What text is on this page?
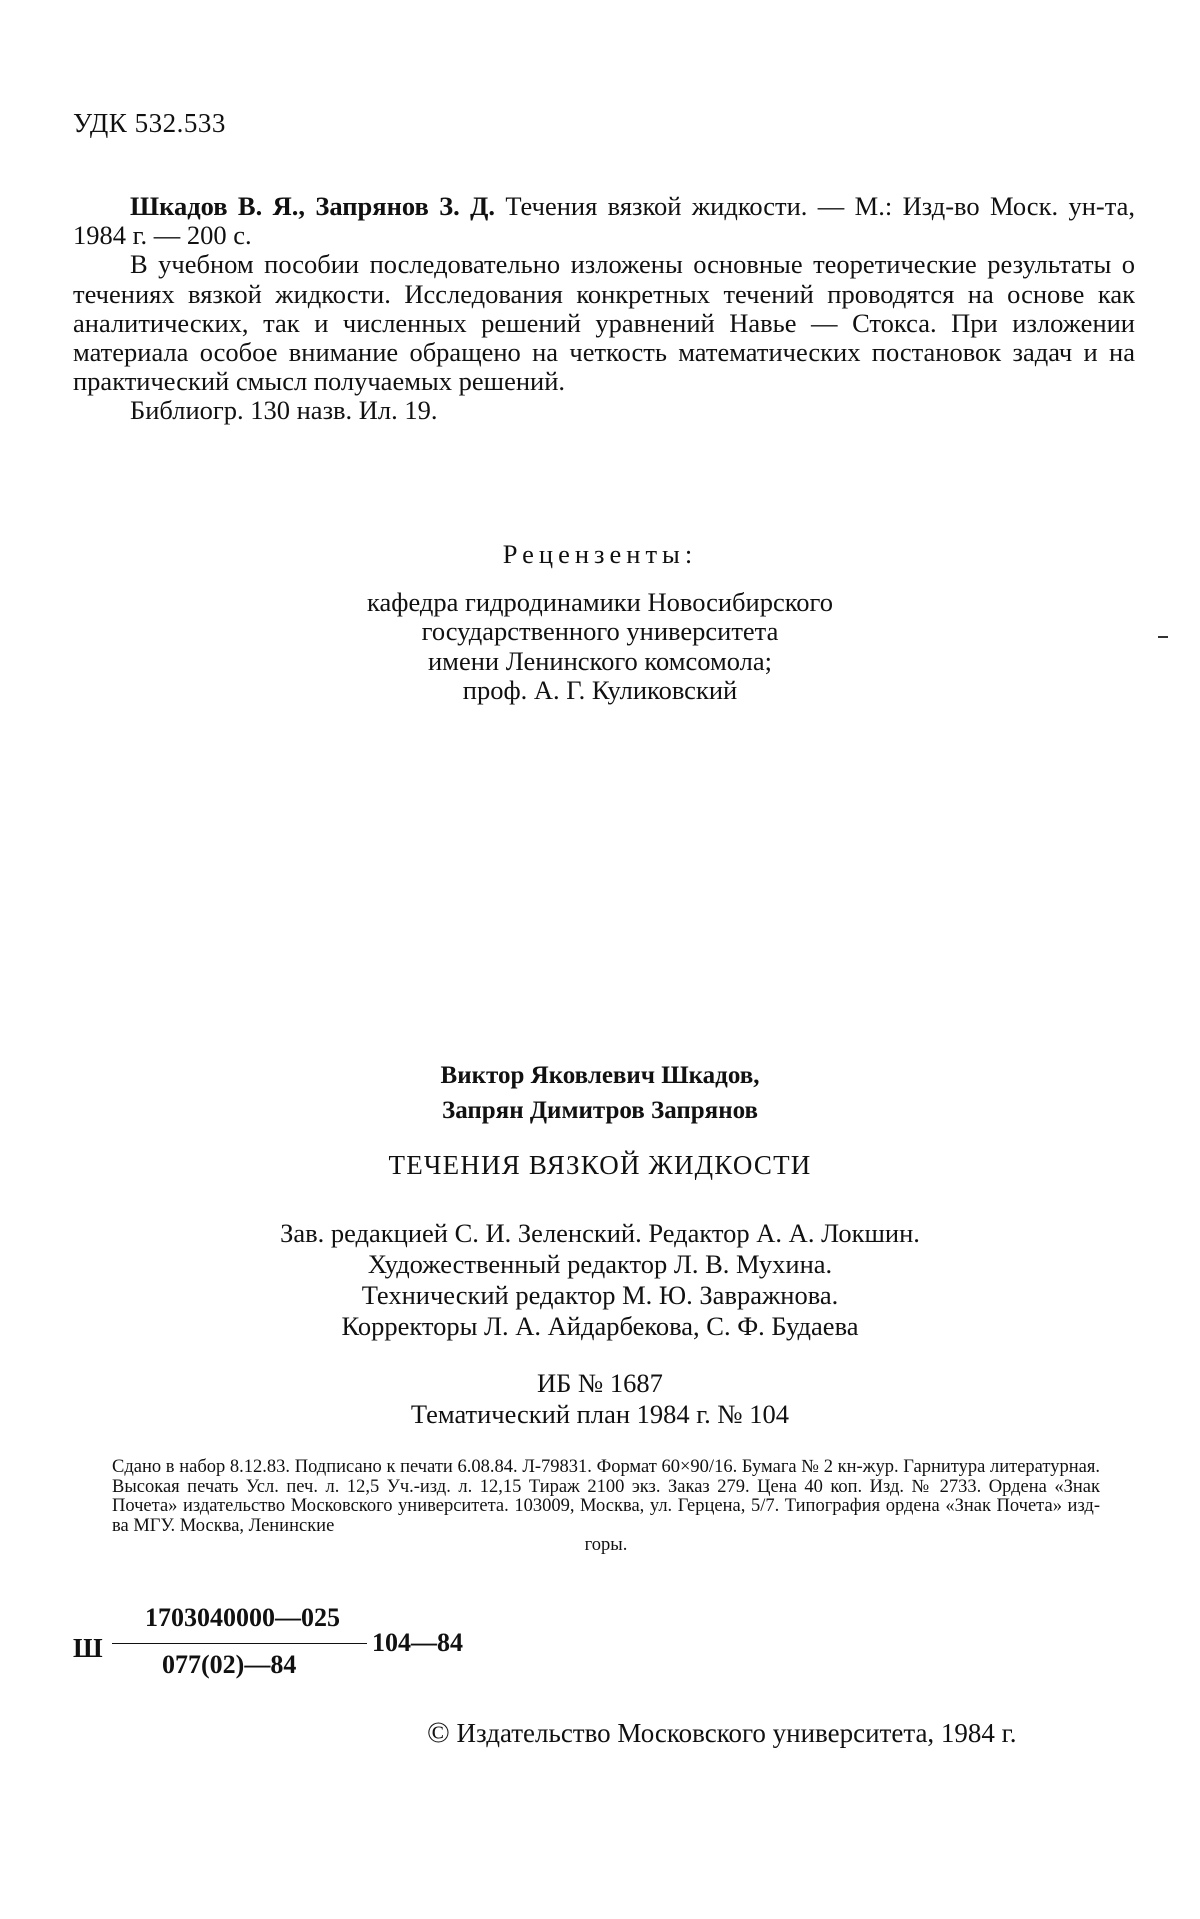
УДК 532.533

Шкадов В. Я., Запрянов З. Д. Течения вязкой жидкости. — М.: Изд-во Моск. ун-та, 1984 г. — 200 с.

В учебном пособии последовательно изложены основные теоретические результаты о течениях вязкой жидкости. Исследования конкретных течений проводятся на основе как аналитических, так и численных решений уравнений Навье — Стокса. При изложении материала особое внимание обращено на четкость математических постановок задач и на практический смысл получаемых решений.

Библиогр. 130 назв. Ил. 19.

Рецензенты:
кафедра гидродинамики Новосибирского
государственного университета
имени Ленинского комсомола;
проф. А. Г. Куликовский
Виктор Яковлевич Шкадов,
Запрян Димитров Запрянов
ТЕЧЕНИЯ ВЯЗКОЙ ЖИДКОСТИ
Зав. редакцией С. И. Зеленский. Редактор А. А. Локшин.
Художественный редактор Л. В. Мухина.
Технический редактор М. Ю. Завражнова.
Корректоры Л. А. Айдарбекова, С. Ф. Будаева
ИБ № 1687
Тематический план 1984 г. № 104

Сдано в набор 8.12.83. Подписано к печати 6.08.84. Л-79831. Формат 60×90/16. Бумага № 2 кн-жур. Гарнитура литературная. Высокая печать Усл. печ. л. 12,5 Уч.-изд. л. 12,15 Тираж 2100 экз. Заказ 279. Цена 40 коп. Изд. № 2733. Ордена «Знак Почета» издательство Московского университета. 103009, Москва, ул. Герцена, 5/7. Типография ордена «Знак Почета» изд-ва МГУ. Москва, Ленинские

горы.

Ш
1703040000—025
077(02)—84
104—84
© Издательство Московского университета, 1984 г.
